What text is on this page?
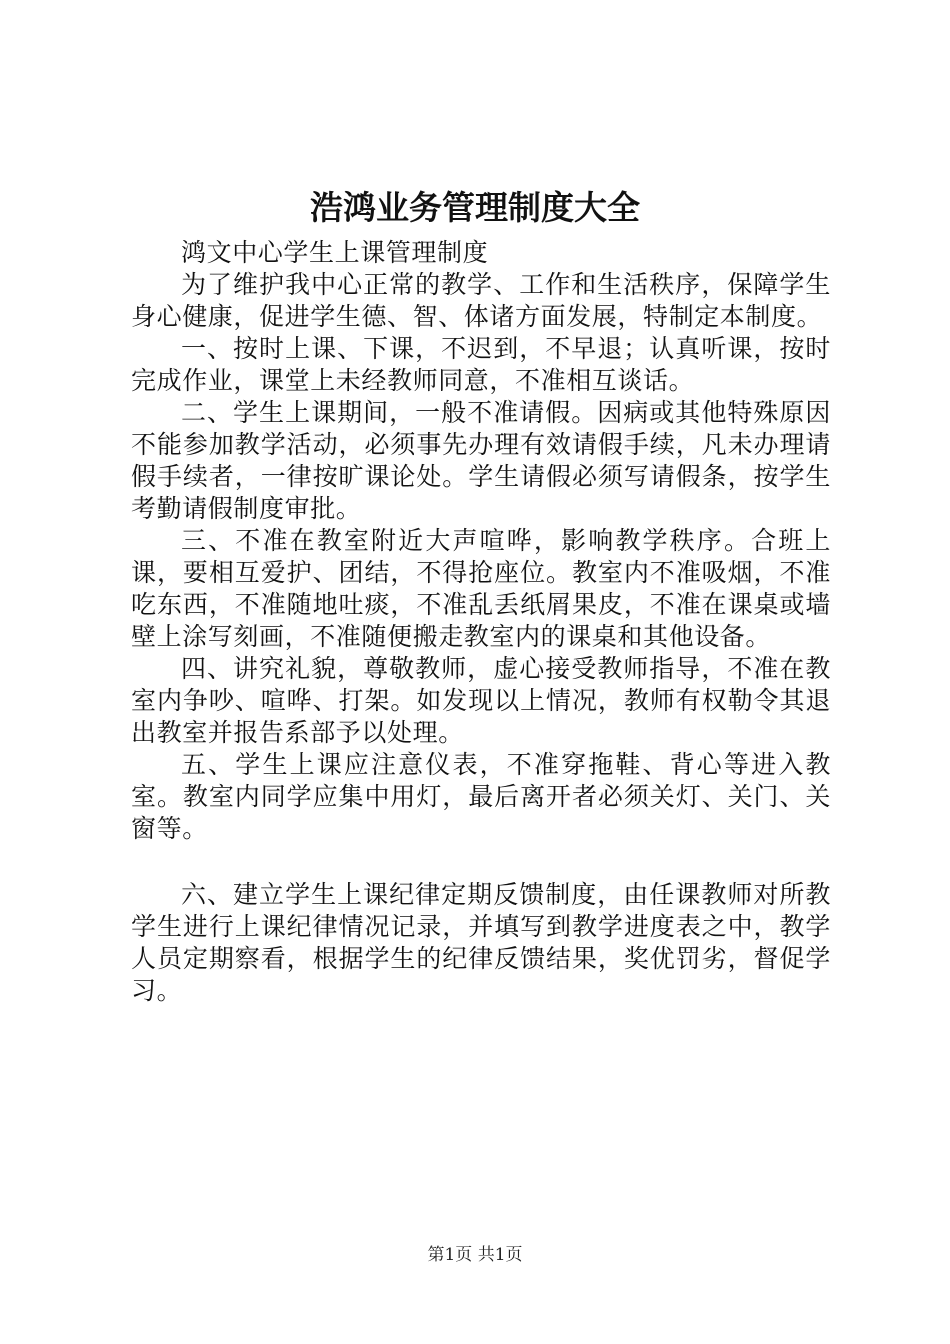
浩鸿业务管理制度大全

鸿文中心学生上课管理制度

为了维护我中心正常的教学、工作和生活秩序，保障学生身心健康，促进学生德、智、体诸方面发展，特制定本制度。

一、按时上课、下课，不迟到，不早退；认真听课，按时完成作业，课堂上未经教师同意，不准相互谈话。

二、学生上课期间，一般不准请假。因病或其他特殊原因不能参加教学活动，必须事先办理有效请假手续，凡未办理请假手续者，一律按旷课论处。学生请假必须写请假条，按学生考勤请假制度审批。

三、不准在教室附近大声喧哗，影响教学秩序。合班上课，要相互爱护、团结，不得抢座位。教室内不准吸烟，不准吃东西，不准随地吐痰，不准乱丢纸屑果皮，不准在课桌或墙壁上涂写刻画，不准随便搬走教室内的课桌和其他设备。

四、讲究礼貌，尊敬教师，虚心接受教师指导，不准在教室内争吵、喧哗、打架。如发现以上情况，教师有权勒令其退出教室并报告系部予以处理。

五、学生上课应注意仪表，不准穿拖鞋、背心等进入教室。教室内同学应集中用灯，最后离开者必须关灯、关门、关窗等。

六、建立学生上课纪律定期反馈制度，由任课教师对所教学生进行上课纪律情况记录，并填写到教学进度表之中，教学人员定期察看，根据学生的纪律反馈结果，奖优罚劣，督促学习。

第1页 共1页
